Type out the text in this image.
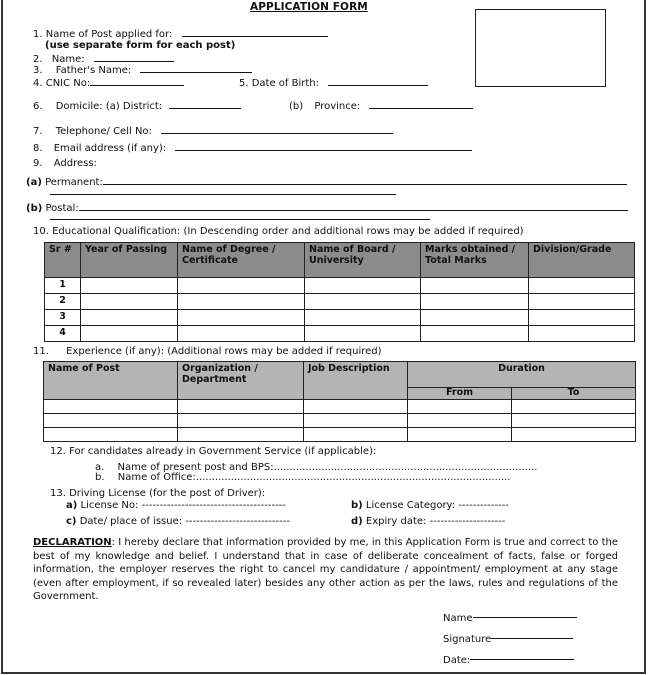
APPLICATION FORM
1. Name of Post applied for:
(use separate form for each post)
2. Name:
3. Father's Name:
4. CNIC No:	5. Date of Birth:
6. Domicile: (a) District:	(b) Province:
7. Telephone/ Cell No:
8. Email address (if any):
9. Address:
(a) Permanent:
(b) Postal:
10. Educational Qualification: (In Descending order and additional rows may be added if required)
Sr #	Year of Passing	Name of Degree / Certificate	Name of Board / University	Marks obtained / Total Marks	Division/Grade
1					
2					
3					
4					
11. Experience (if any): (Additional rows may be added if required)
Name of Post	Organization / Department	Job Description	Duration	
			From	To

12. For candidates already in Government Service (if applicable):
a. Name of present post and BPS:...................................................................................
b. Name of Office:...................................................................................................
13. Driving License (for the post of Driver):
a) License No: ----------------------------------------	b) License Category: --------------
c) Date/ place of issue: -----------------------------	d) Expiry date: ---------------------
DECLARATION: I hereby declare that information provided by me, in this Application Form is true and correct to the best of my knowledge and belief. I understand that in case of deliberate concealment of facts, false or forged information, the employer reserves the right to cancel my candidature / appointment/ employment at any stage (even after employment, if so revealed later) besides any other action as per the laws, rules and regulations of the Government.
Name
Signature
Date:
